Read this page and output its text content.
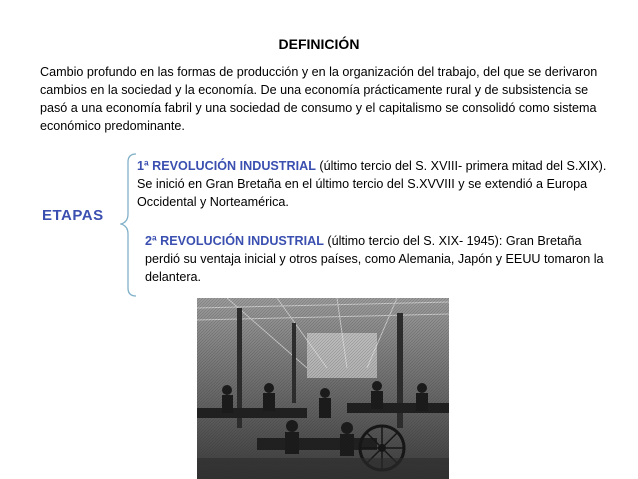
DEFINICIÓN
Cambio profundo en las formas de producción y en la organización del trabajo, del que se derivaron cambios en la sociedad y la economía. De una economía prácticamente rural y de subsistencia se pasó a una economía fabril y una sociedad de consumo y el capitalismo se consolidó como sistema económico predominante.
ETAPAS
1ª REVOLUCIÓN INDUSTRIAL (último tercio del S. XVIII- primera mitad del S.XIX). Se inició en Gran Bretaña en el último tercio del S.XVVIII y se extendió a Europa Occidental y Norteamérica.
2ª REVOLUCIÓN INDUSTRIAL (último tercio del S. XIX- 1945): Gran Bretaña perdió su ventaja inicial y otros países, como Alemania, Japón y EEUU tomaron la delantera.
